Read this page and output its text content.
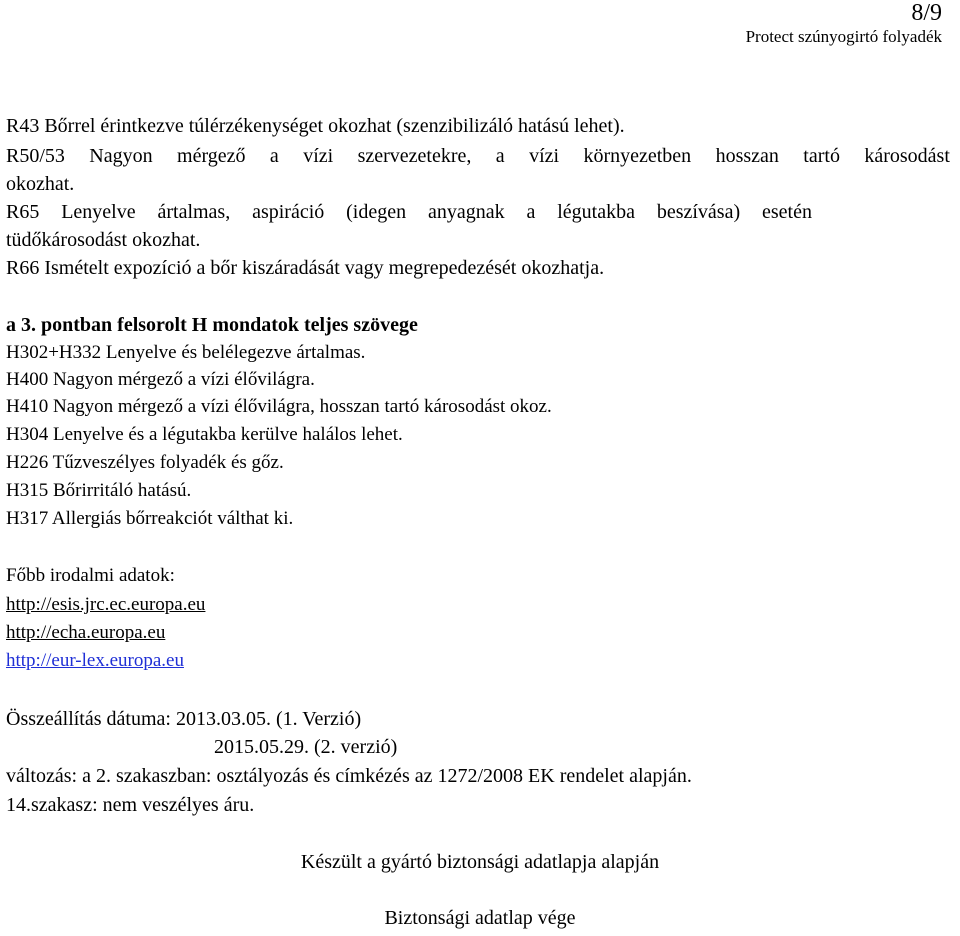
8/9
Protect szúnyogirtó folyadék
R43 Bőrrel érintkezve túlérzékenységet okozhat (szenzibilizáló hatású lehet).
R50/53 Nagyon mérgező a vízi szervezetekre, a vízi környezetben hosszan tartó károsodást
okozhat.
R65 Lenyelve ártalmas, aspiráció (idegen anyagnak a légutakba beszívása) esetén
tüdőkárosodást okozhat.
R66 Ismételt expozíció a bőr kiszáradását vagy megrepedezését okozhatja.
a 3. pontban felsorolt H mondatok teljes szövege
H302+H332 Lenyelve és belélegezve ártalmas.
H400 Nagyon mérgező a vízi élővilágra.
H410 Nagyon mérgező a vízi élővilágra, hosszan tartó károsodást okoz.
H304 Lenyelve és a légutakba kerülve halálos lehet.
H226 Tűzveszélyes folyadék és gőz.
H315 Bőrirritáló hatású.
H317 Allergiás bőrreakciót válthat ki.
Főbb irodalmi adatok:
http://esis.jrc.ec.europa.eu
http://echa.europa.eu
http://eur-lex.europa.eu
Összeállítás dátuma: 2013.03.05. (1. Verzió)
2015.05.29. (2. verzió)
változás: a 2. szakaszban: osztályozás és címkézés az 1272/2008 EK rendelet alapján.
14.szakasz: nem veszélyes áru.
Készült a gyártó biztonsági adatlapja alapján
Biztonsági adatlap vége
